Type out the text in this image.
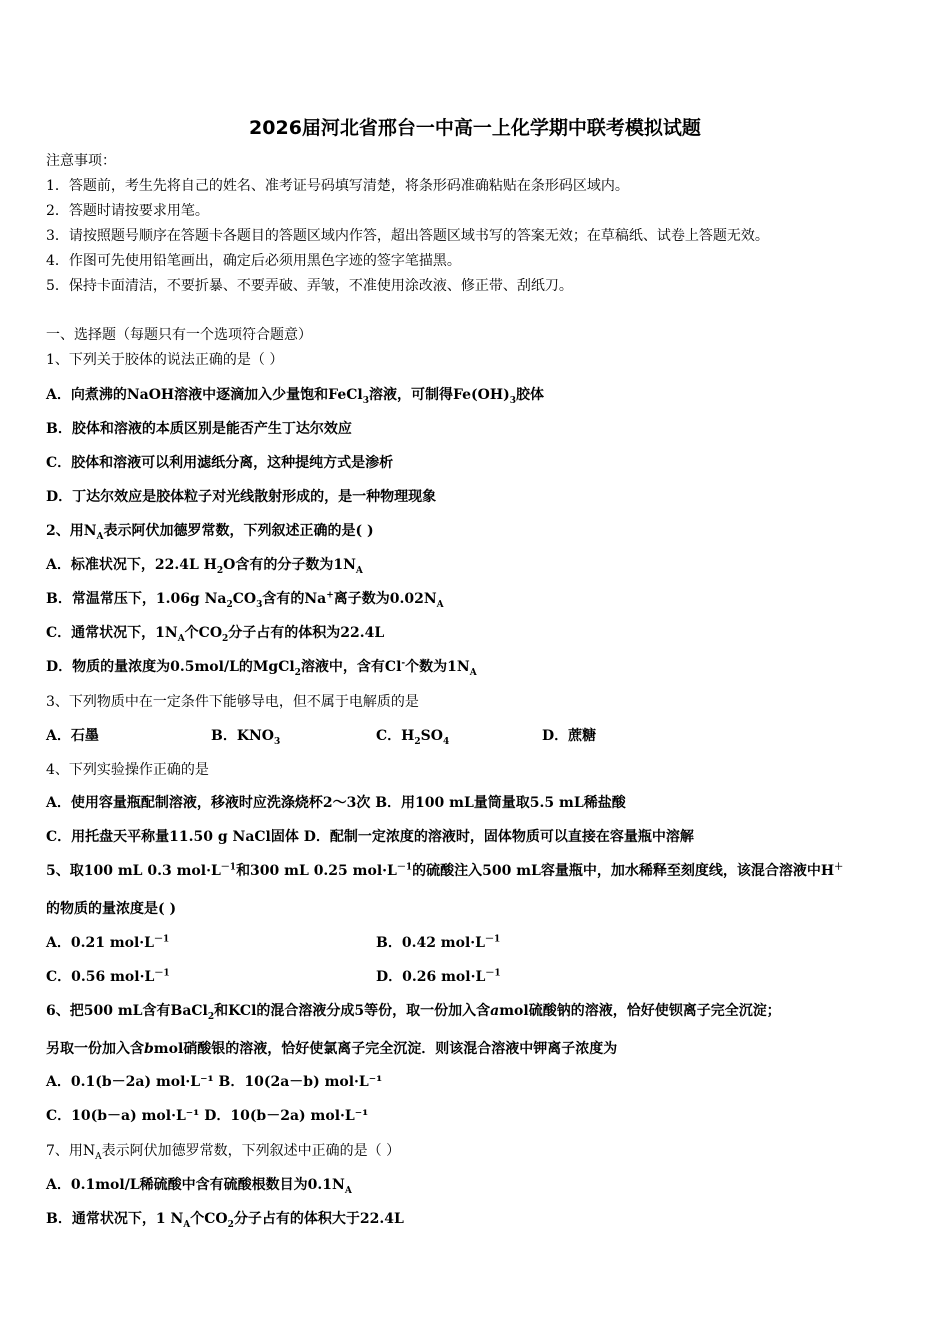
2026届河北省邢台一中高一上化学期中联考模拟试题
注意事项：
1．答题前，考生先将自己的姓名、准考证号码填写清楚，将条形码准确粘贴在条形码区域内。
2．答题时请按要求用笔。
3．请按照题号顺序在答题卡各题目的答题区域内作答，超出答题区域书写的答案无效；在草稿纸、试卷上答题无效。
4．作图可先使用铅笔画出，确定后必须用黑色字迹的签字笔描黑。
5．保持卡面清洁，不要折暴、不要弄破、弄皱，不准使用涂改液、修正带、刮纸刀。
一、选择题（每题只有一个选项符合题意）
1、下列关于胶体的说法正确的是（ ）
A．向煮沸的NaOH溶液中逐滴加入少量饱和FeCl$_3$溶液，可制得$Fe(OH)_3$胶体
B．胶体和溶液的本质区别是能否产生丁达尔效应
C．胶体和溶液可以利用滤纸分离，这种提纯方式是渗析
D．丁达尔效应是胶体粒子对光线散射形成的，是一种物理现象
2、用$N_A$表示阿伏加德罗常数，下列叙述正确的是( )
A．标准状况下，22.4L $H_2O$含有的分子数为$1N_A$
B．常温常压下，1.06g $Na_2CO_3$含有的Na+离子数为$0.02N_A$
C．通常状况下，$1N_A$个$CO_2$分子占有的体积为22.4L
D．物质的量浓度为0.5mol/L的MgCl$_2$溶液中，含有Cl-个数为$1N_A$
3、下列物质中在一定条件下能够导电，但不属于电解质的是
A．石墨	B．$KNO_3$	C．$H_2SO_4$	D．蔗糖
4、下列实验操作正确的是
A．使用容量瓶配制溶液，移液时应洗涤烧杯2～3次 B．用100 mL量筒量取5.5 mL稀盐酸
C．用托盘天平称量11.50 g NaCl固体 D．配制一定浓度的溶液时，固体物质可以直接在容量瓶中溶解
5、取100 mL 0.3 $mol\cdot L^{-1}$和300 mL 0.25 $mol\cdot L^{-1}$的硫酸注入500 mL容量瓶中，加水稀释至刻度线，该混合溶液中H＋
的物质的量浓度是( )
A．0.21 $mol\cdot L^{-1}$	B．0.42 $mol\cdot L^{-1}$
C．0.56 $mol\cdot L^{-1}$	D．0.26 $mol\cdot L^{-1}$
6、把500 mL含有BaCl$_2$和KCl的混合溶液分成5等份，取一份加入含amol硫酸钠的溶液，恰好使钡离子完全沉淀；
另取一份加入含bmol硝酸银的溶液，恰好使氯离子完全沉淀．则该混合溶液中钾离子浓度为
A．0.1(b－2a) mol·L⁻¹ B．10(2a－b) mol·L⁻¹
C．10(b－a) mol·L⁻¹ D．10(b－2a) mol·L⁻¹
7、用$N_A$表示阿伏加德罗常数，下列叙述中正确的是（ ）
A．0.1mol/L稀硫酸中含有硫酸根数目为$0.1N_A$
B．通常状况下，1 $N_A$个$CO_2$分子占有的体积大于22.4L
